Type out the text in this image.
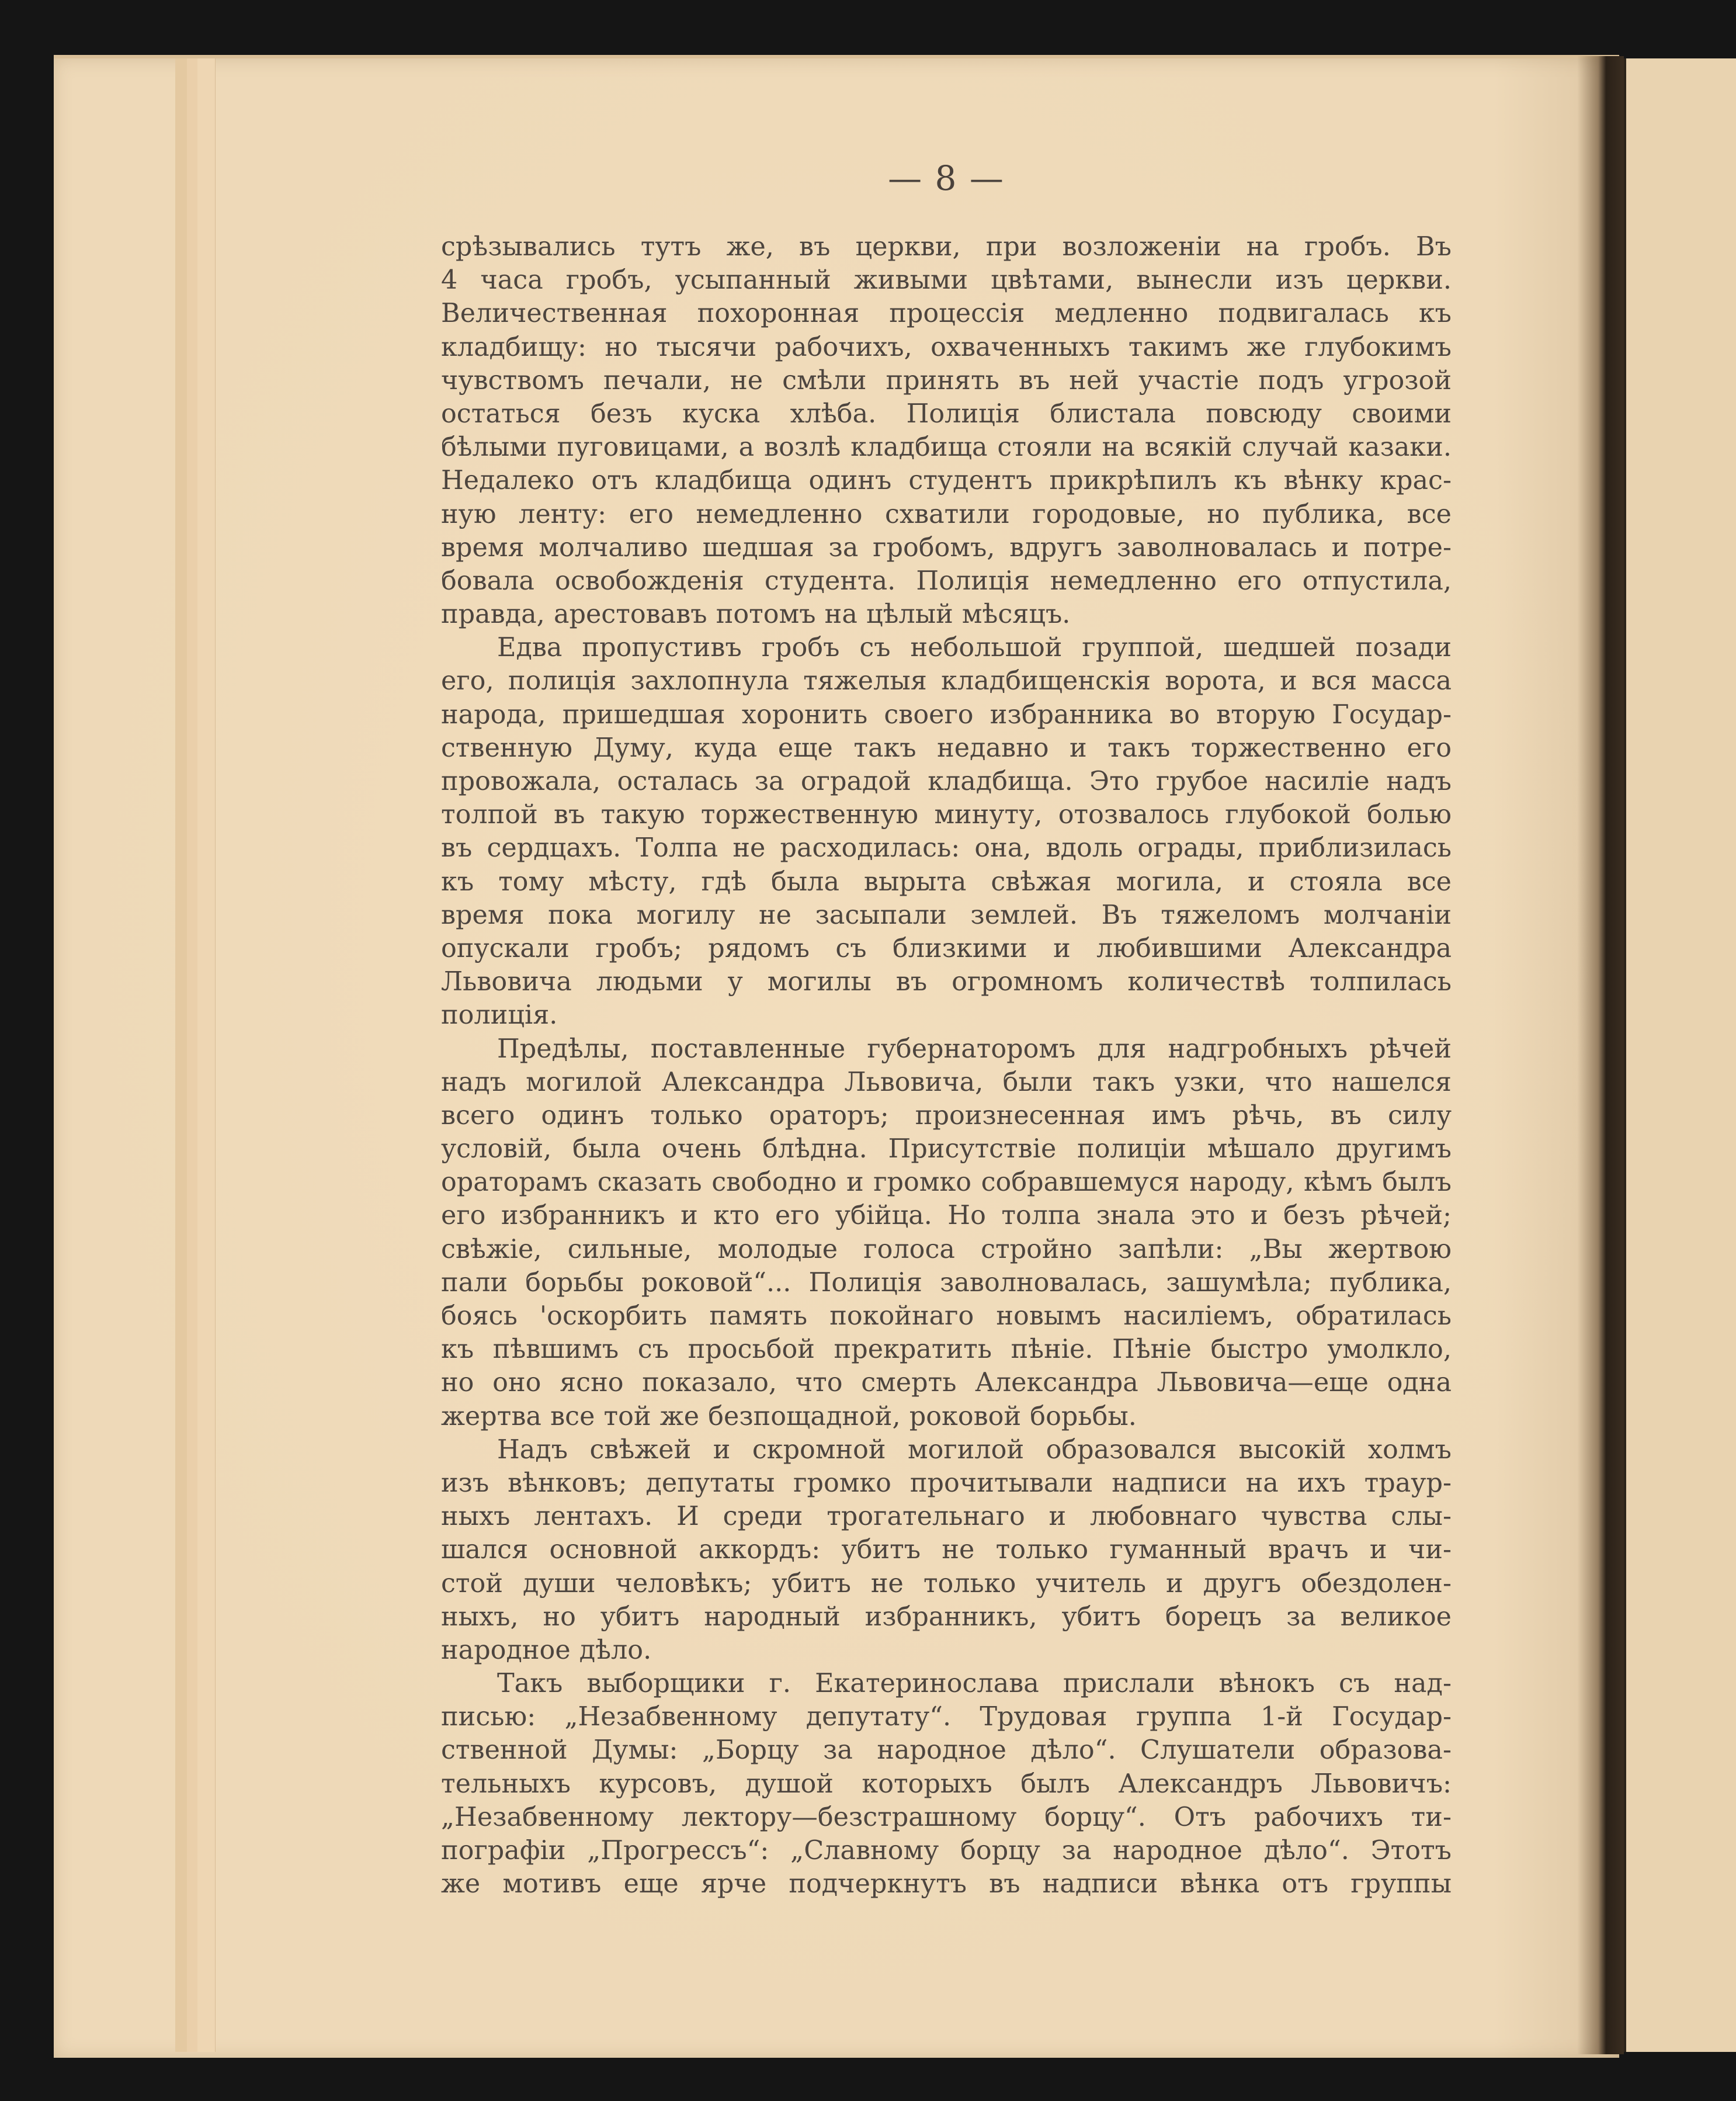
— 8 —
срѣзывались тутъ же, въ церкви, при возложеніи на гробъ. Въ
4 часа гробъ, усыпанный живыми цвѣтами, вынесли изъ церкви.
Величественная похоронная процессія медленно подвигалась къ
кладбищу: но тысячи рабочихъ, охваченныхъ такимъ же глубокимъ
чувствомъ печали, не смѣли принять въ ней участіе подъ угрозой
остаться безъ куска хлѣба. Полиція блистала повсюду своими
бѣлыми пуговицами, а возлѣ кладбища стояли на всякій случай казаки.
Недалеко отъ кладбища одинъ студентъ прикрѣпилъ къ вѣнку крас-
ную ленту: его немедленно схватили городовые, но публика, все
время молчаливо шедшая за гробомъ, вдругъ заволновалась и потре-
бовала освобожденія студента. Полиція немедленно его отпустила,
правда, арестовавъ потомъ на цѣлый мѣсяцъ.
Едва пропустивъ гробъ съ небольшой группой, шедшей позади
его, полиція захлопнула тяжелыя кладбищенскія ворота, и вся масса
народа, пришедшая хоронить своего избранника во вторую Государ-
ственную Думу, куда еще такъ недавно и такъ торжественно его
провожала, осталась за оградой кладбища. Это грубое насиліе надъ
толпой въ такую торжественную минуту, отозвалось глубокой болью
въ сердцахъ. Толпа не расходилась: она, вдоль ограды, приблизилась
къ тому мѣсту, гдѣ была вырыта свѣжая могила, и стояла все
время пока могилу не засыпали землей. Въ тяжеломъ молчаніи
опускали гробъ; рядомъ съ близкими и любившими Александра
Львовича людьми у могилы въ огромномъ количествѣ толпилась
полиція.
Предѣлы, поставленные губернаторомъ для надгробныхъ рѣчей
надъ могилой Александра Львовича, были такъ узки, что нашелся
всего одинъ только ораторъ; произнесенная имъ рѣчь, въ силу
условій, была очень блѣдна. Присутствіе полиціи мѣшало другимъ
ораторамъ сказать свободно и громко собравшемуся народу, кѣмъ былъ
его избранникъ и кто его убійца. Но толпа знала это и безъ рѣчей;
свѣжіе, сильные, молодые голоса стройно запѣли: „Вы жертвою
пали борьбы роковой“... Полиція заволновалась, зашумѣла; публика,
боясь 'оскорбить память покойнаго новымъ насиліемъ, обратилась
къ пѣвшимъ съ просьбой прекратить пѣніе. Пѣніе быстро умолкло,
но оно ясно показало, что смерть Александра Львовича—еще одна
жертва все той же безпощадной, роковой борьбы.
Надъ свѣжей и скромной могилой образовался высокій холмъ
изъ вѣнковъ; депутаты громко прочитывали надписи на ихъ траур-
ныхъ лентахъ. И среди трогательнаго и любовнаго чувства слы-
шался основной аккордъ: убитъ не только гуманный врачъ и чи-
стой души человѣкъ; убитъ не только учитель и другъ обездолен-
ныхъ, но убитъ народный избранникъ, убитъ борецъ за великое
народное дѣло.
Такъ выборщики г. Екатеринослава прислали вѣнокъ съ над-
писью: „Незабвенному депутату“. Трудовая группа 1-й Государ-
ственной Думы: „Борцу за народное дѣло“. Слушатели образова-
тельныхъ курсовъ, душой которыхъ былъ Александръ Львовичъ:
„Незабвенному лектору—безстрашному борцу“. Отъ рабочихъ ти-
пографіи „Прогрессъ“: „Славному борцу за народное дѣло“. Этотъ
же мотивъ еще ярче подчеркнутъ въ надписи вѣнка отъ группы
